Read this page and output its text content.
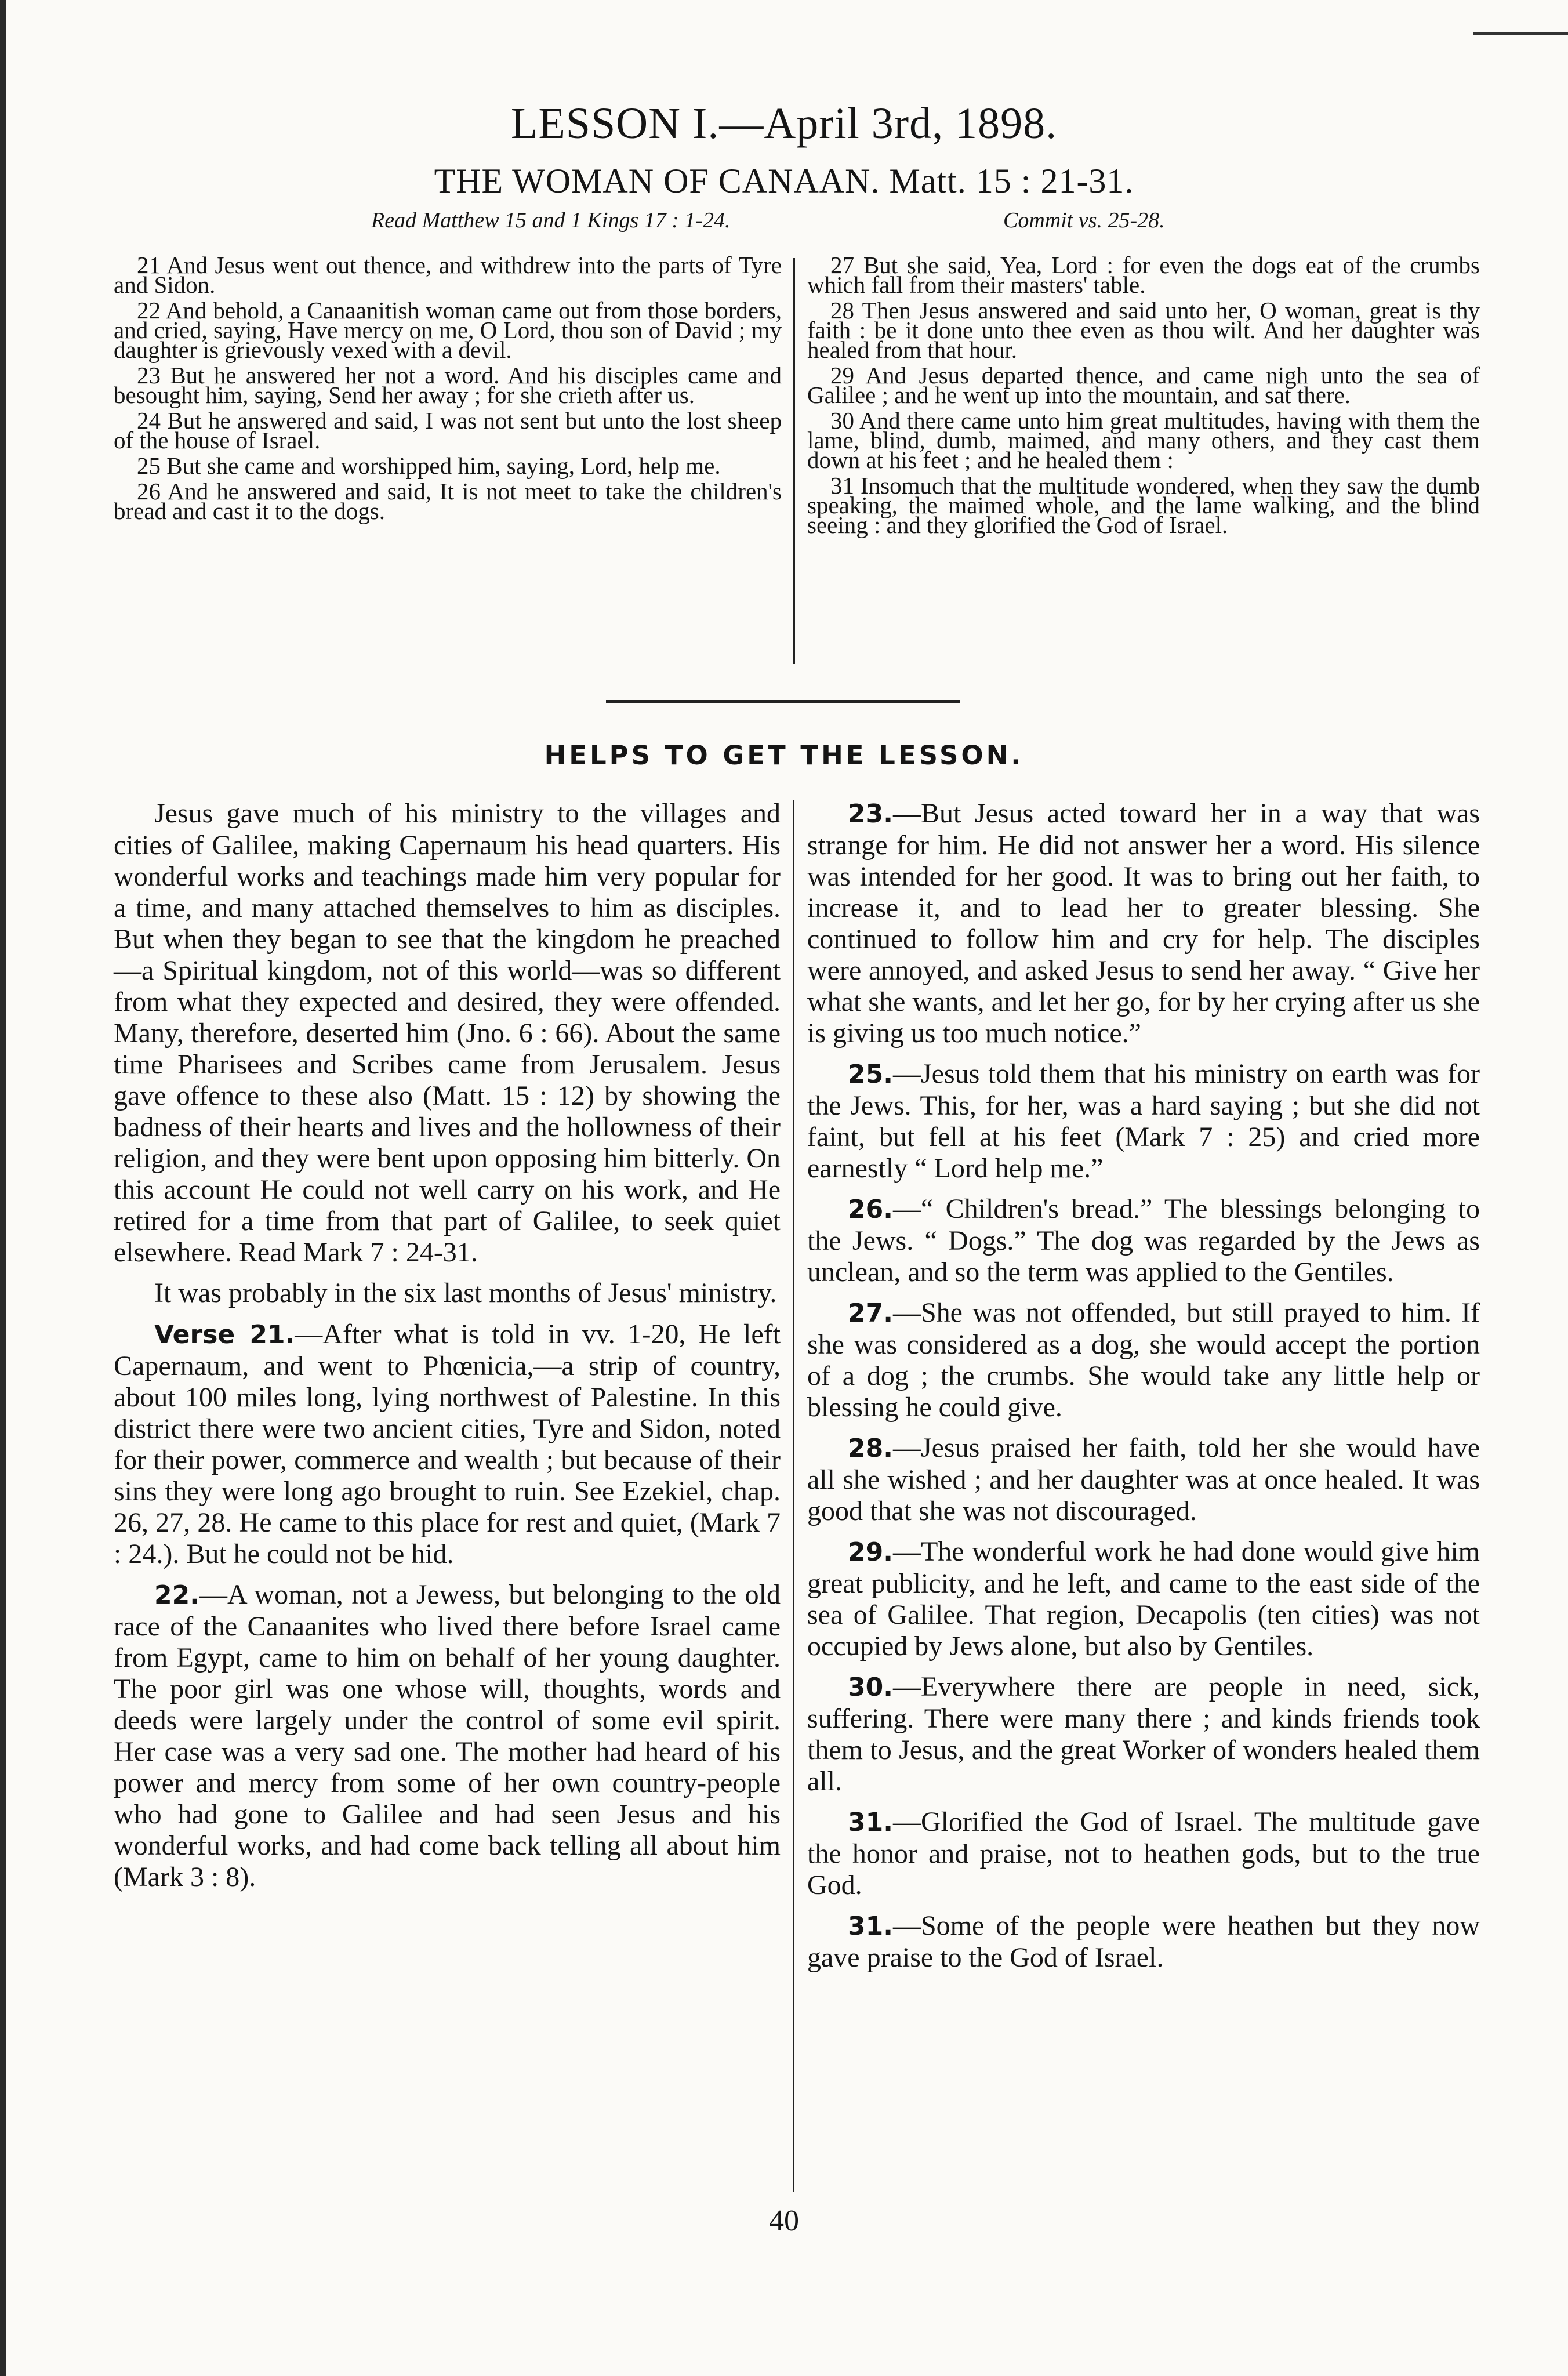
LESSON I.—April 3rd, 1898.
THE WOMAN OF CANAAN. Matt. 15 : 21-31.
Read Matthew 15 and 1 Kings 17 : 1-24.	Commit vs. 25-28.

21 And Jesus went out thence, and withdrew into the parts of Tyre and Sidon.

22 And behold, a Canaanitish woman came out from those borders, and cried, saying, Have mercy on me, O Lord, thou son of David ; my daughter is grievously vexed with a devil.

23 But he answered her not a word. And his disciples came and besought him, saying, Send her away ; for she crieth after us.

24 But he answered and said, I was not sent but unto the lost sheep of the house of Israel.

25 But she came and worshipped him, saying, Lord, help me.

26 And he answered and said, It is not meet to take the children's bread and cast it to the dogs.

27 But she said, Yea, Lord : for even the dogs eat of the crumbs which fall from their masters' table.

28 Then Jesus answered and said unto her, O woman, great is thy faith : be it done unto thee even as thou wilt. And her daughter was healed from that hour.

29 And Jesus departed thence, and came nigh unto the sea of Galilee ; and he went up into the mountain, and sat there.

30 And there came unto him great multitudes, having with them the lame, blind, dumb, maimed, and many others, and they cast them down at his feet ; and he healed them :

31 Insomuch that the multitude wondered, when they saw the dumb speaking, the maimed whole, and the lame walking, and the blind seeing : and they glorified the God of Israel.

HELPS TO GET THE LESSON.

Jesus gave much of his ministry to the villages and cities of Galilee, making Capernaum his head quarters. His wonderful works and teachings made him very popular for a time, and many attached themselves to him as disciples. But when they began to see that the kingdom he preached—a Spiritual kingdom, not of this world—was so different from what they expected and desired, they were offended. Many, therefore, deserted him (Jno. 6 : 66). About the same time Pharisees and Scribes came from Jerusalem. Jesus gave offence to these also (Matt. 15 : 12) by showing the badness of their hearts and lives and the hollowness of their religion, and they were bent upon opposing him bitterly. On this account He could not well carry on his work, and He retired for a time from that part of Galilee, to seek quiet elsewhere. Read Mark 7 : 24-31.

It was probably in the six last months of Jesus' ministry.

Verse 21.—After what is told in vv. 1-20, He left Capernaum, and went to Phœnicia,—a strip of country, about 100 miles long, lying northwest of Palestine. In this district there were two ancient cities, Tyre and Sidon, noted for their power, commerce and wealth ; but because of their sins they were long ago brought to ruin. See Ezekiel, chap. 26, 27, 28. He came to this place for rest and quiet, (Mark 7 : 24.). But he could not be hid.

22.—A woman, not a Jewess, but belonging to the old race of the Canaanites who lived there before Israel came from Egypt, came to him on behalf of her young daughter. The poor girl was one whose will, thoughts, words and deeds were largely under the control of some evil spirit. Her case was a very sad one. The mother had heard of his power and mercy from some of her own country-people who had gone to Galilee and had seen Jesus and his wonderful works, and had come back telling all about him (Mark 3 : 8).

23.—But Jesus acted toward her in a way that was strange for him. He did not answer her a word. His silence was intended for her good. It was to bring out her faith, to increase it, and to lead her to greater blessing. She continued to follow him and cry for help. The disciples were annoyed, and asked Jesus to send her away. “ Give her what she wants, and let her go, for by her crying after us she is giving us too much notice.”

25.—Jesus told them that his ministry on earth was for the Jews. This, for her, was a hard saying ; but she did not faint, but fell at his feet (Mark 7 : 25) and cried more earnestly “ Lord help me.”

26.—“ Children's bread.” The blessings belonging to the Jews. “ Dogs.” The dog was regarded by the Jews as unclean, and so the term was applied to the Gentiles.

27.—She was not offended, but still prayed to him. If she was considered as a dog, she would accept the portion of a dog ; the crumbs. She would take any little help or blessing he could give.

28.—Jesus praised her faith, told her she would have all she wished ; and her daughter was at once healed. It was good that she was not discouraged.

29.—The wonderful work he had done would give him great publicity, and he left, and came to the east side of the sea of Galilee. That region, Decapolis (ten cities) was not occupied by Jews alone, but also by Gentiles.

30.—Everywhere there are people in need, sick, suffering. There were many there ; and kinds friends took them to Jesus, and the great Worker of wonders healed them all.

31.—Glorified the God of Israel. The multitude gave the honor and praise, not to heathen gods, but to the true God.

31.—Some of the people were heathen but they now gave praise to the God of Israel.

40
